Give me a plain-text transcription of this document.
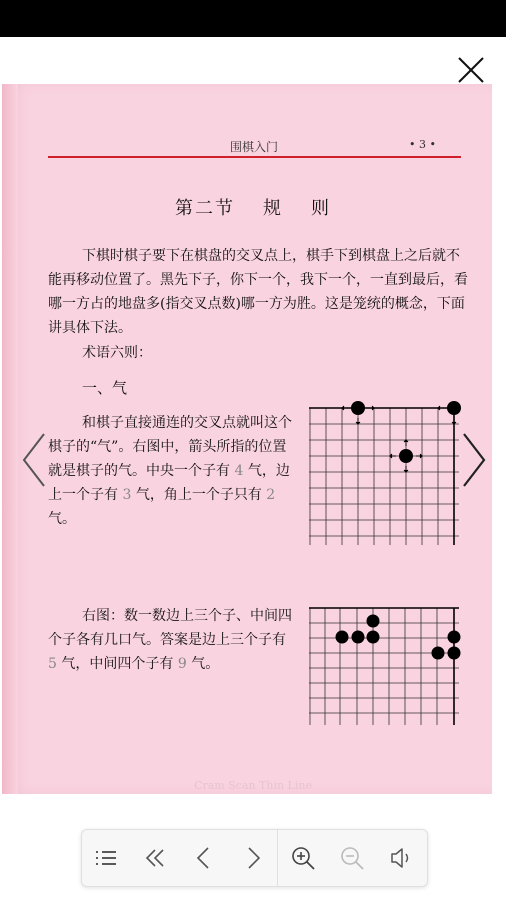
围棋入门	• 3 •
第二节 规 则
下棋时棋子要下在棋盘的交叉点上，棋手下到棋盘上之后就不能再移动位置了。黑先下子，你下一个，我下一个，一直到最后，看哪一方占的地盘多(指交叉点数)哪一方为胜。这是笼统的概念，下面讲具体下法。
术语六则：
一、气
和棋子直接通连的交叉点就叫这个棋子的“气”。右图中，箭头所指的位置就是棋子的气。中央一个子有 4 气，边上一个子有 3 气，角上一个子只有 2 气。
右图：数一数边上三个子、中间四个子各有几口气。答案是边上三个子有 5 气，中间四个子有 9 气。
Cram Scan Thin Line
